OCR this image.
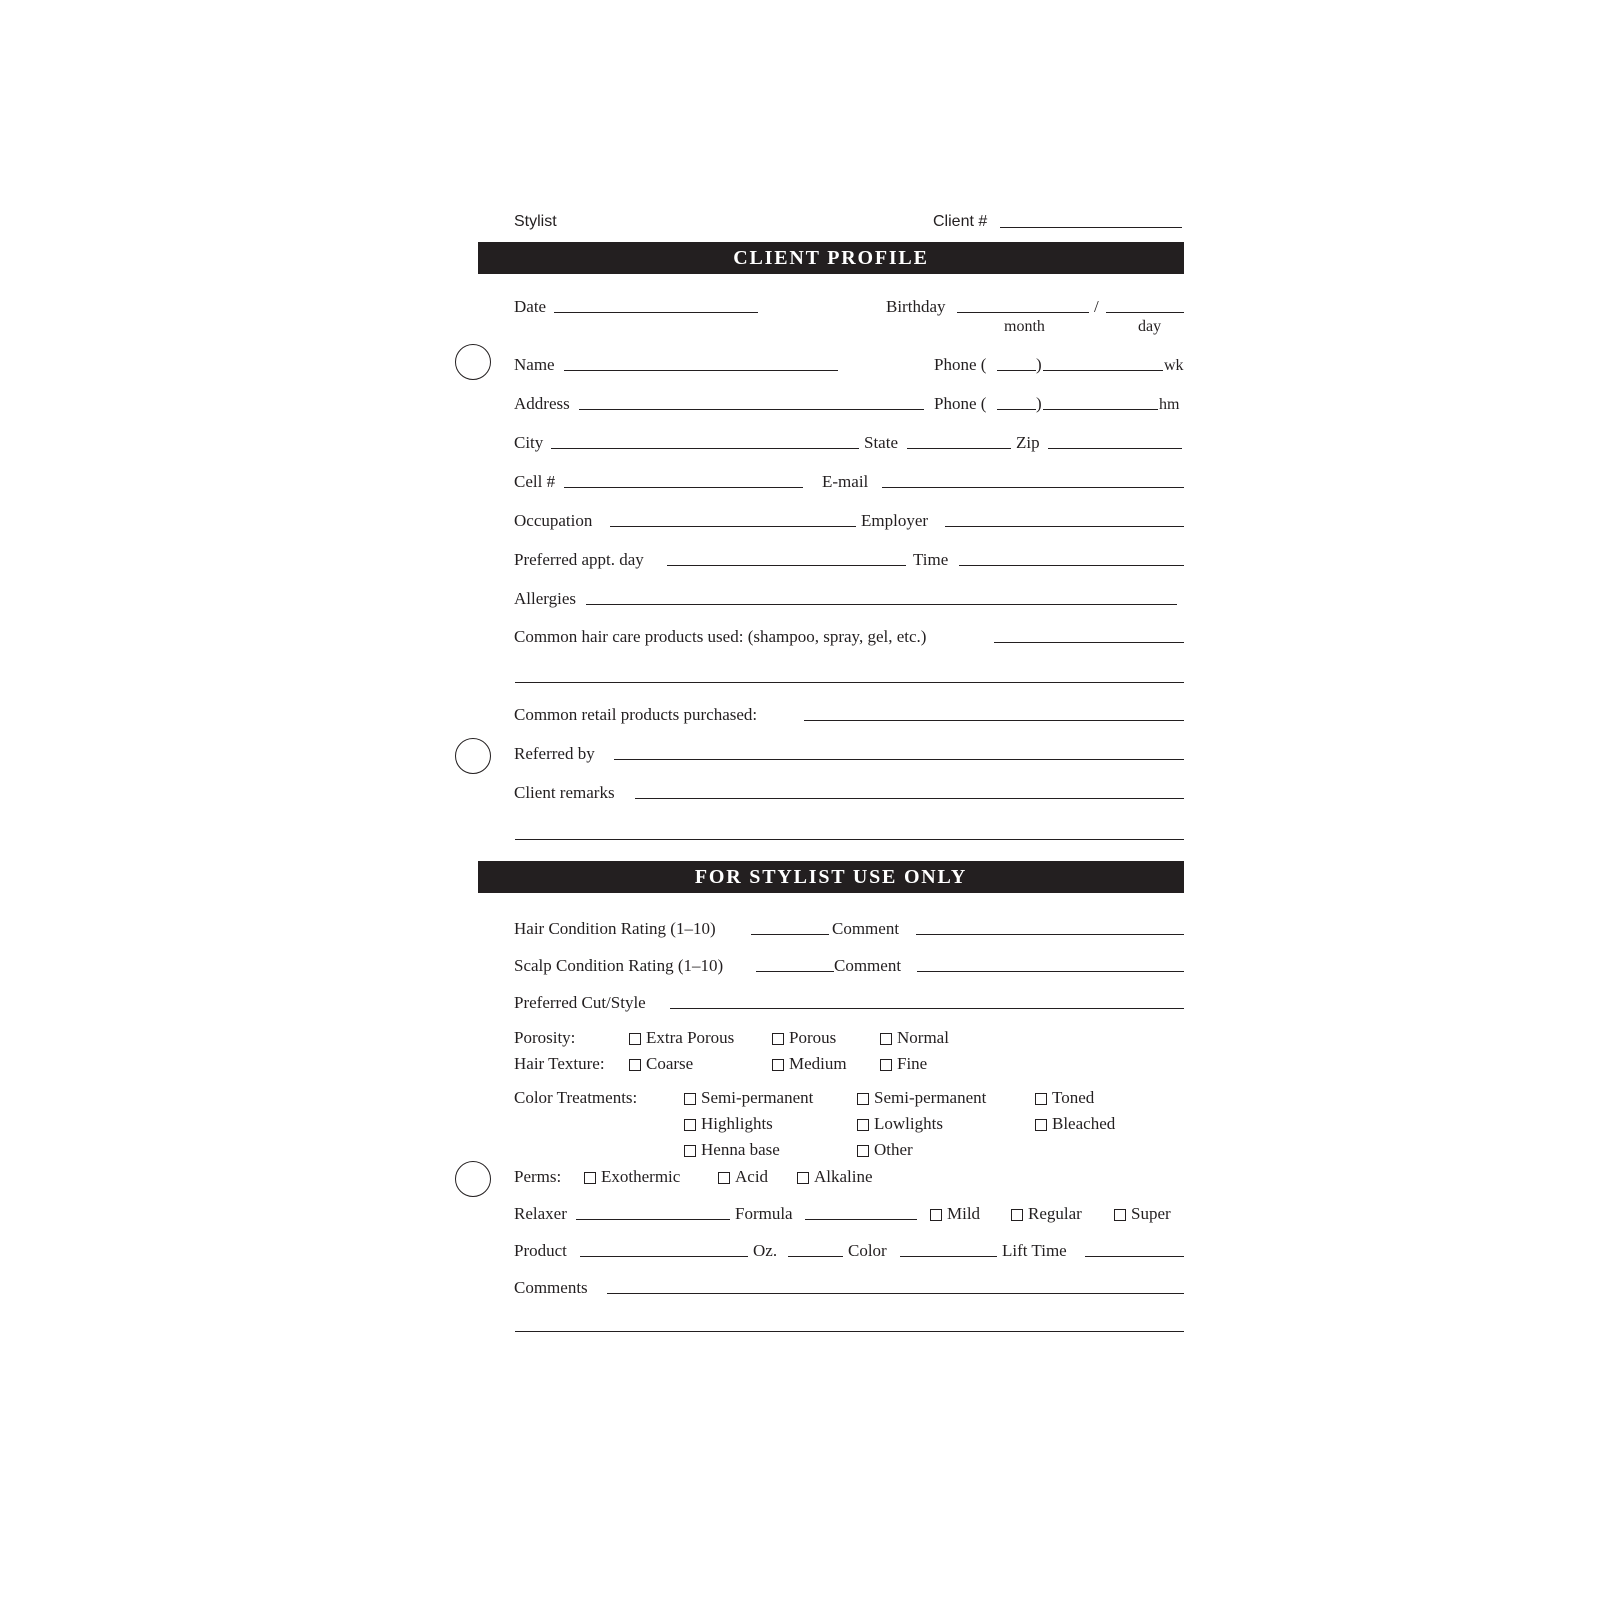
Stylist	Client #
CLIENT PROFILE
Date	Birthday	/
month	day
Name	Phone (	)	wk
Address	Phone (	)	hm
City	State	Zip
Cell #	E-mail
Occupation	Employer
Preferred appt. day	Time
Allergies
Common hair care products used: (shampoo, spray, gel, etc.)
Common retail products purchased:
Referred by
Client remarks
FOR STYLIST USE ONLY
Hair Condition Rating (1–10)	Comment
Scalp Condition Rating (1–10)	Comment
Preferred Cut/Style
Porosity:	Extra Porous	Porous	Normal
Hair Texture: Coarse	Medium	Fine
Color Treatments:	Semi-permanent	Semi-permanent	Toned
Highlights	Lowlights	Bleached
Henna base	Other
Perms: Exothermic	Acid	Alkaline
Relaxer	Formula	Mild	Regular	Super
Product	Oz.	Color	Lift Time
Comments
